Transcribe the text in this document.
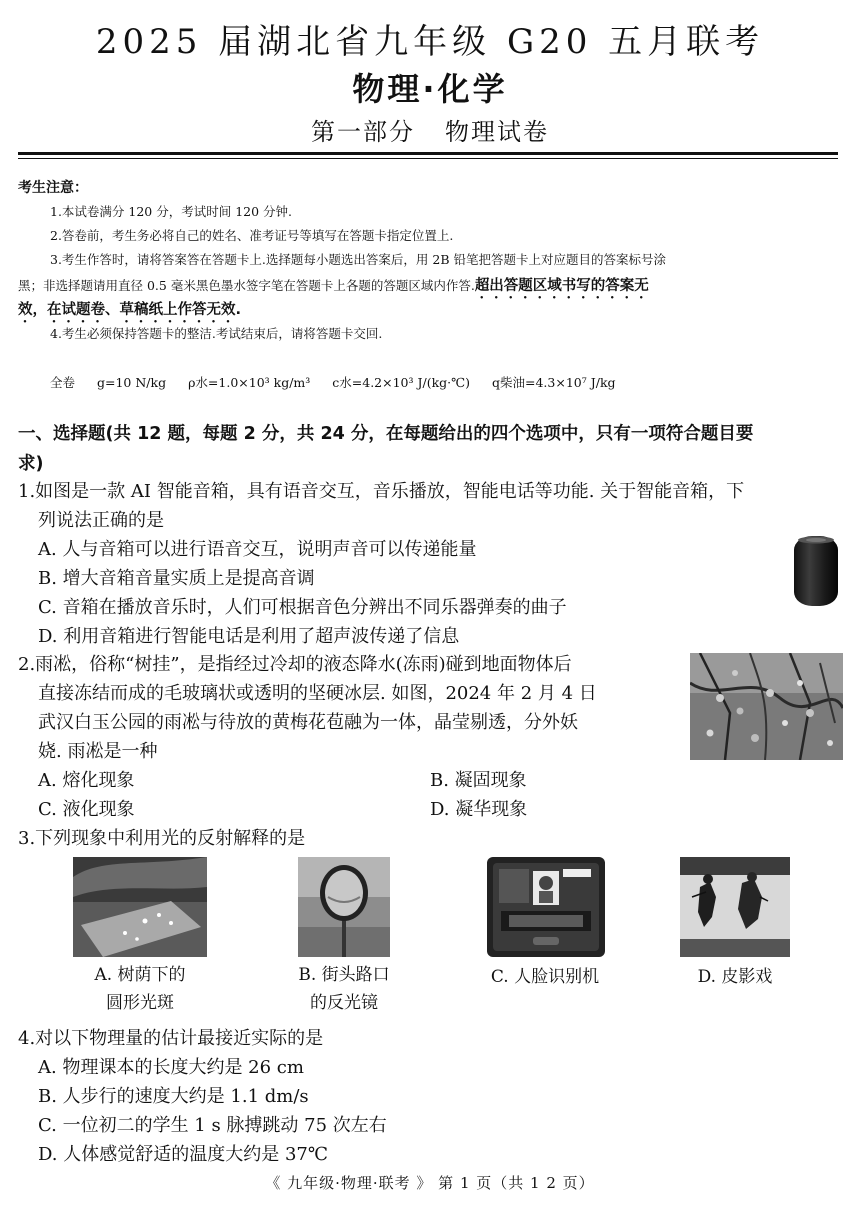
2025 届湖北省九年级 G20 五月联考
物理·化学
第一部分 物理试卷
考生注意：
1.本试卷满分 120 分，考试时间 120 分钟.
2.答卷前，考生务必将自己的姓名、准考证号等填写在答题卡指定位置上.
3.考生作答时，请将答案答在答题卡上.选择题每小题选出答案后，用 2B 铅笔把答题卡上对应题目的答案标号涂
黑；非选择题请用直径 0.5 毫米黑色墨水签字笔在答题卡上各题的答题区域内作答.超出答题区域书写的答案无
效，在试题卷、草稿纸上作答无效.
4.考生必须保持答题卡的整洁.考试结束后，请将答题卡交回.
全卷 g=10 N/kg ρ水=1.0×10³ kg/m³ c水=4.2×10³ J/(kg·℃) q柴油=4.3×10⁷ J/kg
一、选择题(共 12 题，每题 2 分，共 24 分，在每题给出的四个选项中，只有一项符合题目要
求)
1.如图是一款 AI 智能音箱，具有语音交互，音乐播放，智能电话等功能. 关于智能音箱，下
列说法正确的是
A. 人与音箱可以进行语音交互，说明声音可以传递能量
B. 增大音箱音量实质上是提高音调
C. 音箱在播放音乐时，人们可根据音色分辨出不同乐器弹奏的曲子
D. 利用音箱进行智能电话是利用了超声波传递了信息
2.雨凇，俗称“树挂”，是指经过冷却的液态降水(冻雨)碰到地面物体后
直接冻结而成的毛玻璃状或透明的坚硬冰层. 如图，2024 年 2 月 4 日
武汉白玉公园的雨凇与待放的黄梅花苞融为一体，晶莹剔透，分外妖
娆. 雨凇是一种
A. 熔化现象	B. 凝固现象
C. 液化现象	D. 凝华现象
3.下列现象中利用光的反射解释的是
A. 树荫下的
圆形光斑
B. 街头路口
的反光镜
C. 人脸识别机	D. 皮影戏
4.对以下物理量的估计最接近实际的是
A. 物理课本的长度大约是 26 cm
B. 人步行的速度大约是 1.1 dm/s
C. 一位初二的学生 1 s 脉搏跳动 75 次左右
D. 人体感觉舒适的温度大约是 37℃
《 九年级·物理·联考 》 第 1 页（共 1 2 页）
